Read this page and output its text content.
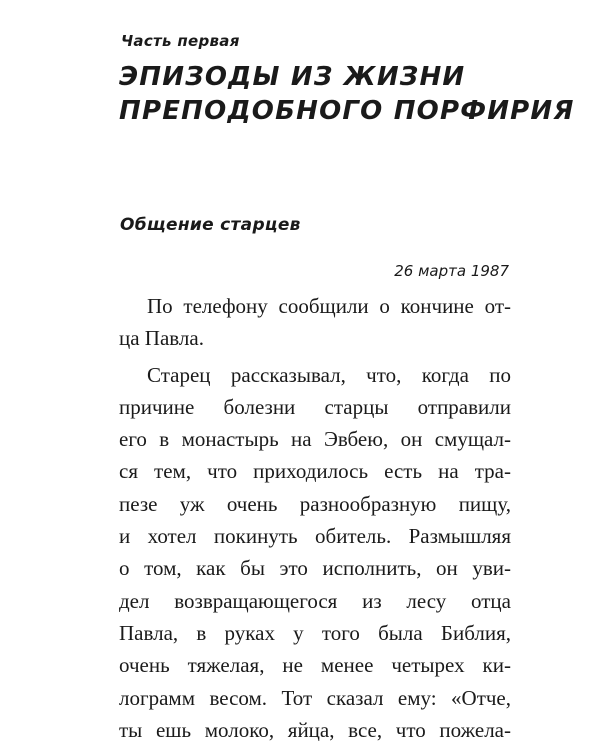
Часть первая
ЭПИЗОДЫ ИЗ ЖИЗНИ
ПРЕПОДОБНОГО ПОРФИРИЯ
Общение старцев
26 марта 1987
По телефону сообщили о кончине от-
ца Павла.
Старец рассказывал, что, когда по
причине болезни старцы отправили
его в монастырь на Эвбею, он смущал-
ся тем, что приходилось есть на тра-
пезе уж очень разнообразную пищу,
и хотел покинуть обитель. Размышляя
о том, как бы это исполнить, он уви-
дел возвращающегося из лесу отца
Павла, в руках у того была Библия,
очень тяжелая, не менее четырех ки-
лограмм весом. Тот сказал ему: «Отче,
ты ешь молоко, яйца, все, что пожела-
